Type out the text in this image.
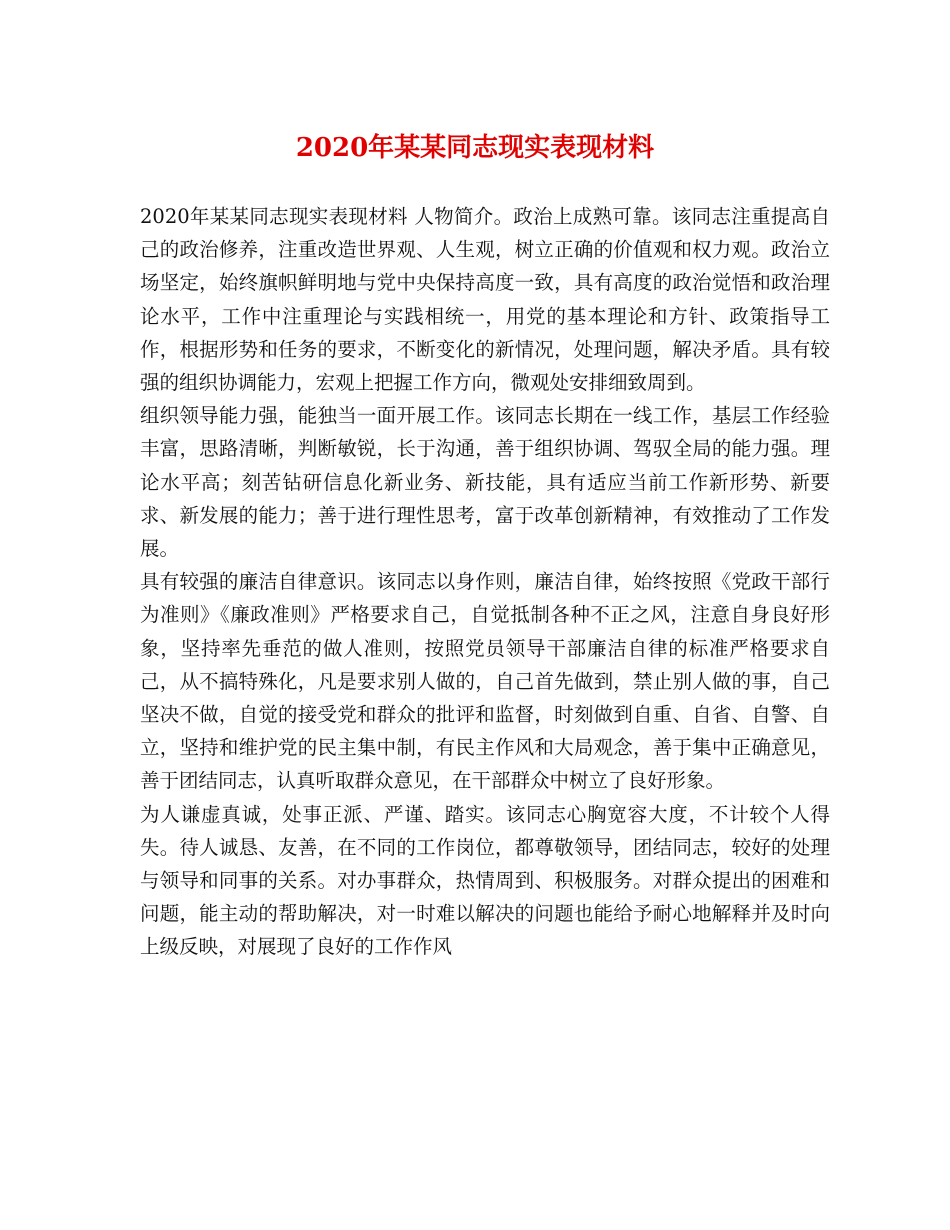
2020年某某同志现实表现材料

2020年某某同志现实表现材料 人物简介。政治上成熟可靠。该同志注重提高自己的政治修养，注重改造世界观、人生观，树立正确的价值观和权力观。政治立场坚定，始终旗帜鲜明地与党中央保持高度一致，具有高度的政治觉悟和政治理论水平，工作中注重理论与实践相统一，用党的基本理论和方针、政策指导工作，根据形势和任务的要求，不断变化的新情况，处理问题，解决矛盾。具有较强的组织协调能力，宏观上把握工作方向，微观处安排细致周到。

组织领导能力强，能独当一面开展工作。该同志长期在一线工作，基层工作经验丰富，思路清晰，判断敏锐，长于沟通，善于组织协调、驾驭全局的能力强。理论水平高；刻苦钻研信息化新业务、新技能，具有适应当前工作新形势、新要求、新发展的能力；善于进行理性思考，富于改革创新精神，有效推动了工作发展。

具有较强的廉洁自律意识。该同志以身作则，廉洁自律，始终按照《党政干部行为准则》《廉政准则》严格要求自己，自觉抵制各种不正之风，注意自身良好形象，坚持率先垂范的做人准则，按照党员领导干部廉洁自律的标准严格要求自己，从不搞特殊化，凡是要求别人做的，自己首先做到，禁止别人做的事，自己坚决不做，自觉的接受党和群众的批评和监督，时刻做到自重、自省、自警、自立，坚持和维护党的民主集中制，有民主作风和大局观念，善于集中正确意见，善于团结同志，认真听取群众意见，在干部群众中树立了良好形象。

为人谦虚真诚，处事正派、严谨、踏实。该同志心胸宽容大度，不计较个人得失。待人诚恳、友善，在不同的工作岗位，都尊敬领导，团结同志，较好的处理与领导和同事的关系。对办事群众，热情周到、积极服务。对群众提出的困难和问题，能主动的帮助解决，对一时难以解决的问题也能给予耐心地解释并及时向上级反映，对展现了良好的工作作风
